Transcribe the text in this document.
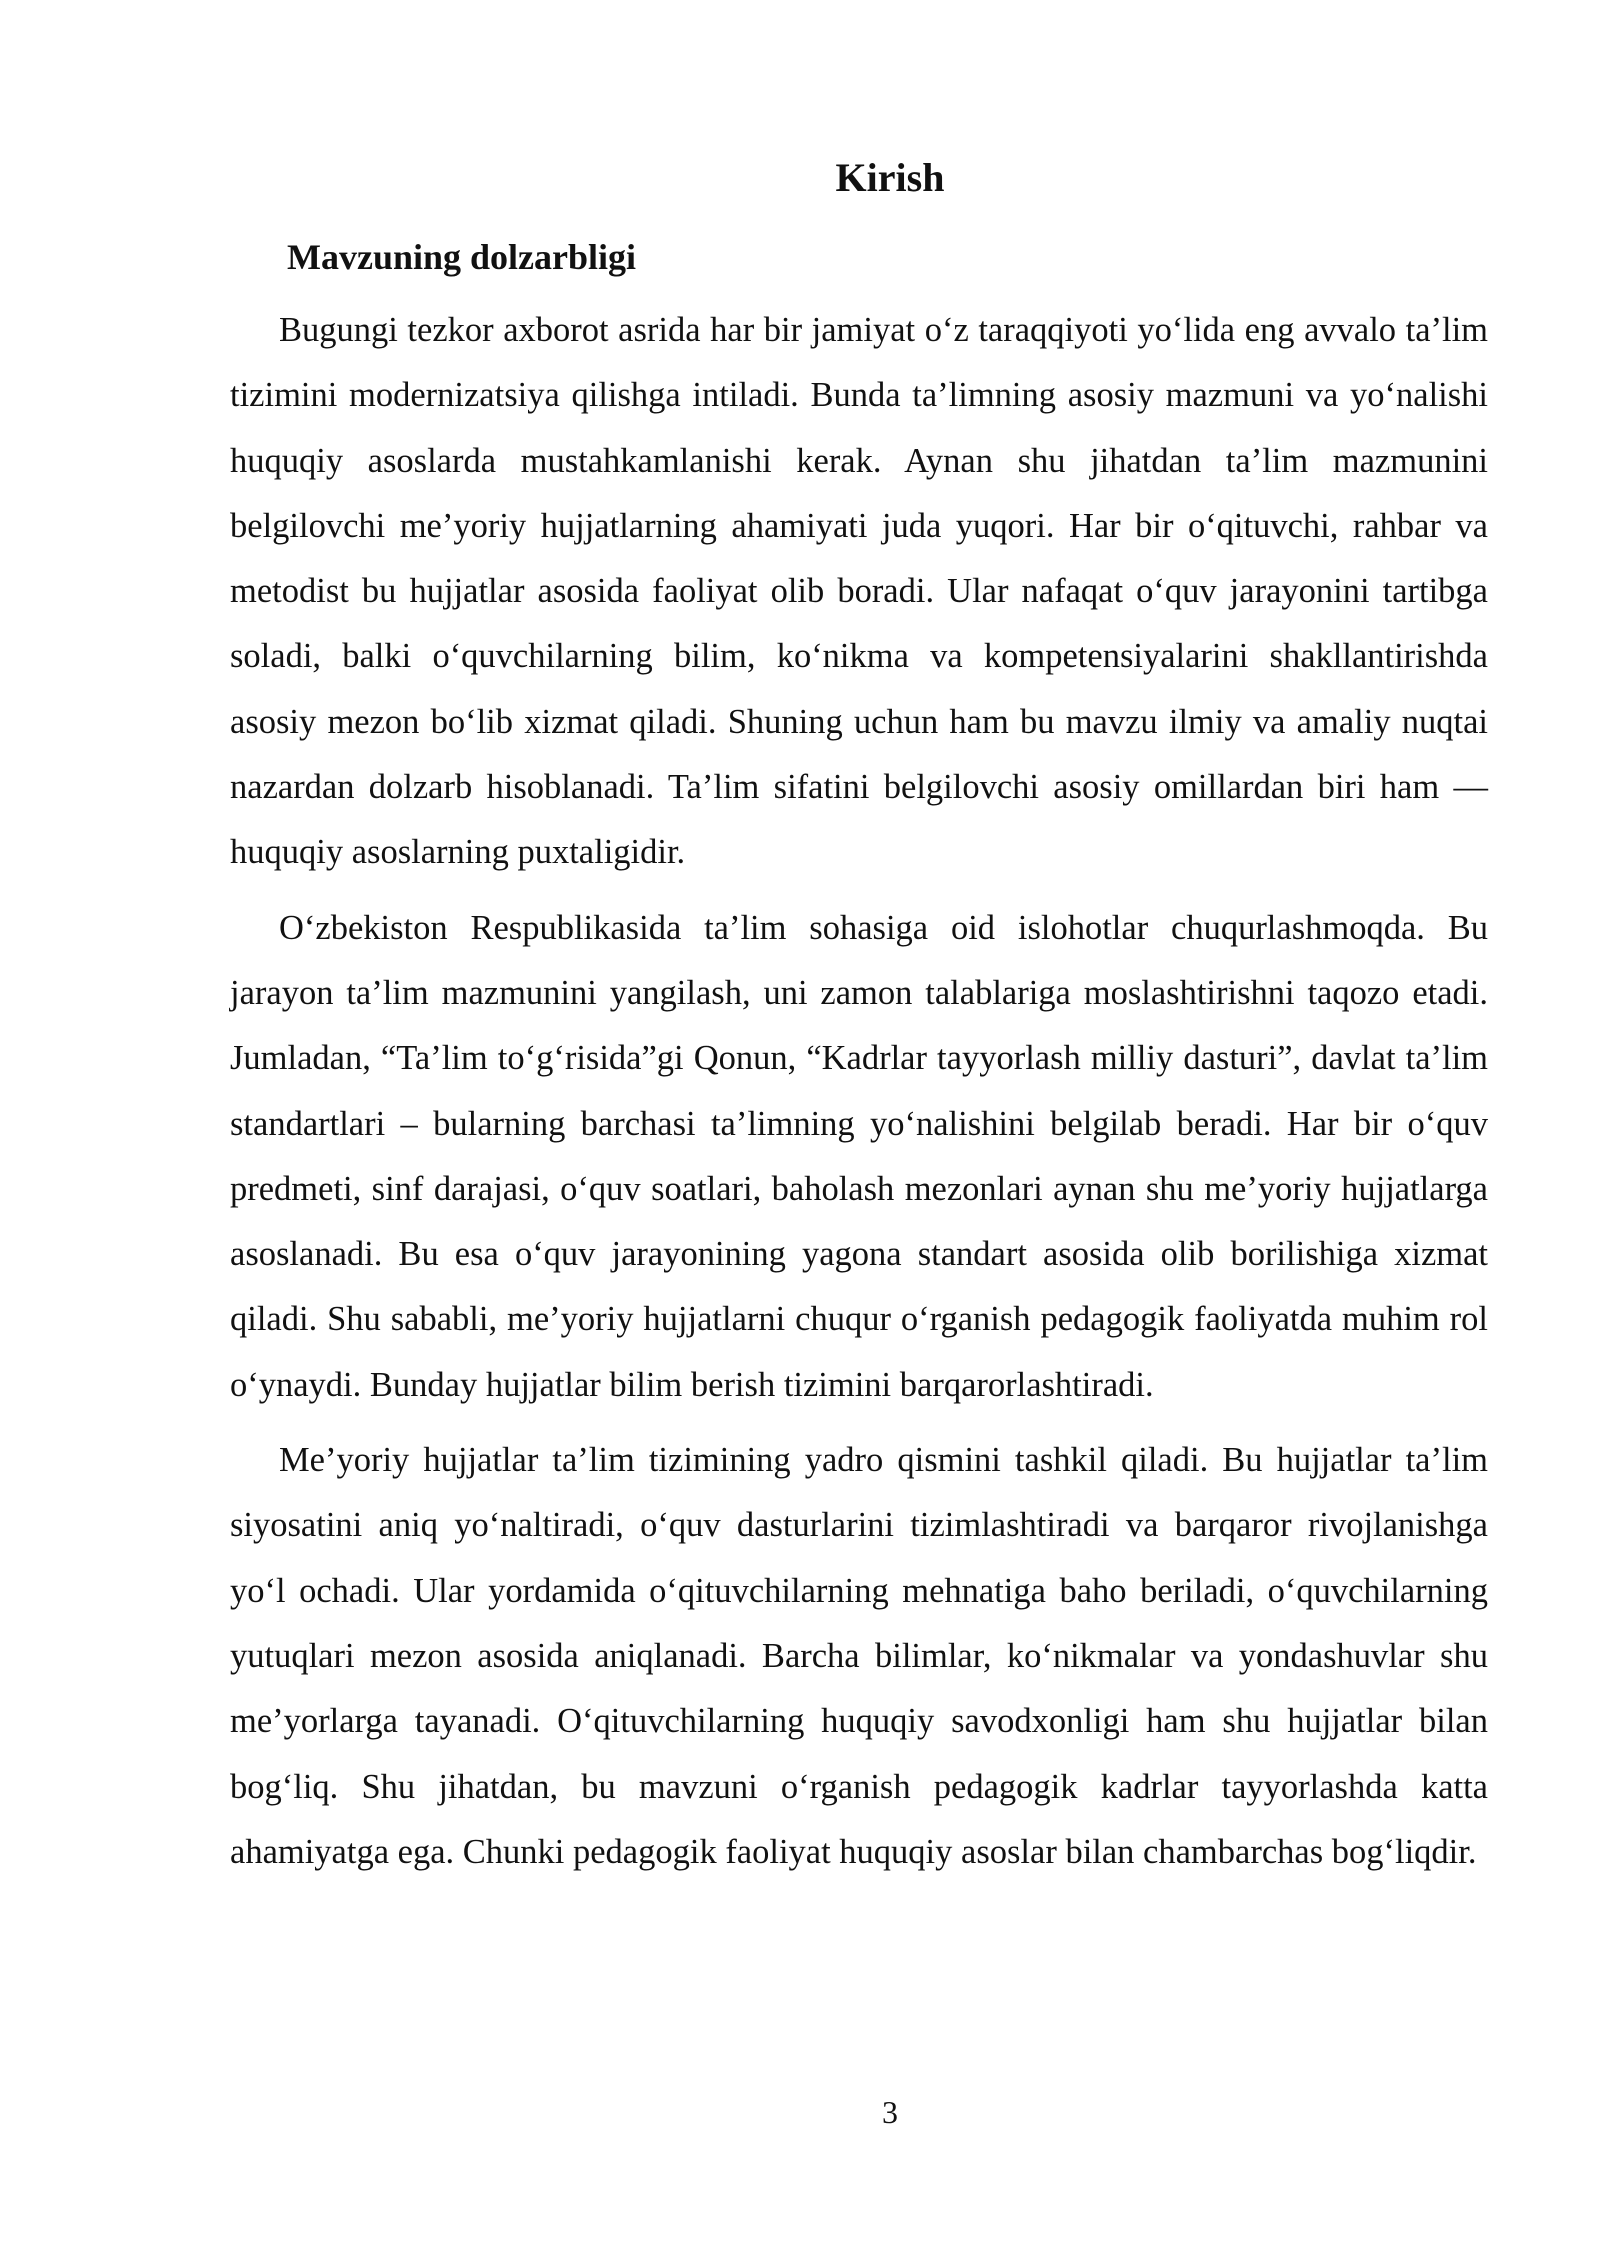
Kirish
Mavzuning dolzarbligi

Bugungi tezkor axborot asrida har bir jamiyat o‘z taraqqiyoti yo‘lida eng avvalo ta’lim tizimini modernizatsiya qilishga intiladi. Bunda ta’limning asosiy mazmuni va yo‘nalishi huquqiy asoslarda mustahkamlanishi kerak. Aynan shu jihatdan ta’lim mazmunini belgilovchi me’yoriy hujjatlarning ahamiyati juda yuqori. Har bir o‘qituvchi, rahbar va metodist bu hujjatlar asosida faoliyat olib boradi. Ular nafaqat o‘quv jarayonini tartibga soladi, balki o‘quvchilarning bilim, ko‘nikma va kompetensiyalarini shakllantirishda asosiy mezon bo‘lib xizmat qiladi. Shuning uchun ham bu mavzu ilmiy va amaliy nuqtai nazardan dolzarb hisoblanadi. Ta’lim sifatini belgilovchi asosiy omillardan biri ham — huquqiy asoslarning puxtaligidir.

O‘zbekiston Respublikasida ta’lim sohasiga oid islohotlar chuqurlashmoqda. Bu jarayon ta’lim mazmunini yangilash, uni zamon talablariga moslashtirishni taqozo etadi. Jumladan, “Ta’lim to‘g‘risida”gi Qonun, “Kadrlar tayyorlash milliy dasturi”, davlat ta’lim standartlari – bularning barchasi ta’limning yo‘nalishini belgilab beradi. Har bir o‘quv predmeti, sinf darajasi, o‘quv soatlari, baholash mezonlari aynan shu me’yoriy hujjatlarga asoslanadi. Bu esa o‘quv jarayonining yagona standart asosida olib borilishiga xizmat qiladi. Shu sababli, me’yoriy hujjatlarni chuqur o‘rganish pedagogik faoliyatda muhim rol o‘ynaydi. Bunday hujjatlar bilim berish tizimini barqarorlashtiradi.

Me’yoriy hujjatlar ta’lim tizimining yadro qismini tashkil qiladi. Bu hujjatlar ta’lim siyosatini aniq yo‘naltiradi, o‘quv dasturlarini tizimlashtiradi va barqaror rivojlanishga yo‘l ochadi. Ular yordamida o‘qituvchilarning mehnatiga baho beriladi, o‘quvchilarning yutuqlari mezon asosida aniqlanadi. Barcha bilimlar, ko‘nikmalar va yondashuvlar shu me’yorlarga tayanadi. O‘qituvchilarning huquqiy savodxonligi ham shu hujjatlar bilan bog‘liq. Shu jihatdan, bu mavzuni o‘rganish pedagogik kadrlar tayyorlashda katta ahamiyatga ega. Chunki pedagogik faoliyat huquqiy asoslar bilan chambarchas bog‘liqdir.

3
